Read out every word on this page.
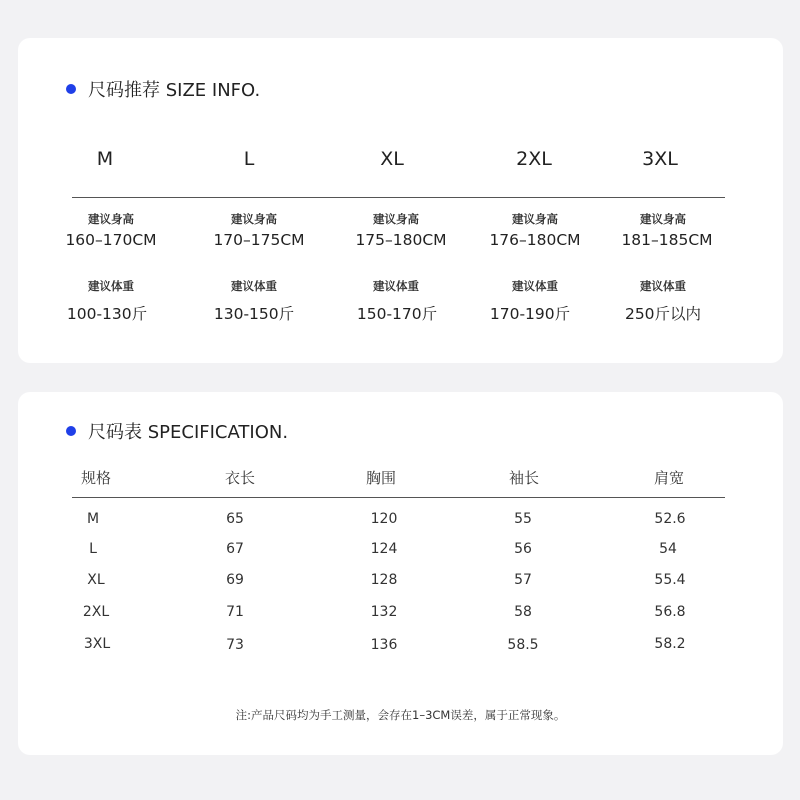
尺码推荐 SIZE INFO.
M	L	XL	2XL	3XL
建议身高	建议身高	建议身高	建议身高	建议身高
160–170CM	170–175CM	175–180CM	176–180CM	181–185CM
建议体重	建议体重	建议体重	建议体重	建议体重
100-130斤	130-150斤	150-170斤	170-190斤	250斤以内
尺码表 SPECIFICATION.
规格	衣长	胸围	袖长	肩宽
M	65	120	55	52.6
L	67	124	56	54
XL	69	128	57	55.4
2XL	71	132	58	56.8
3XL	73	136	58.5	58.2
注:产品尺码均为手工测量，会存在1–3CM误差，属于正常现象。
